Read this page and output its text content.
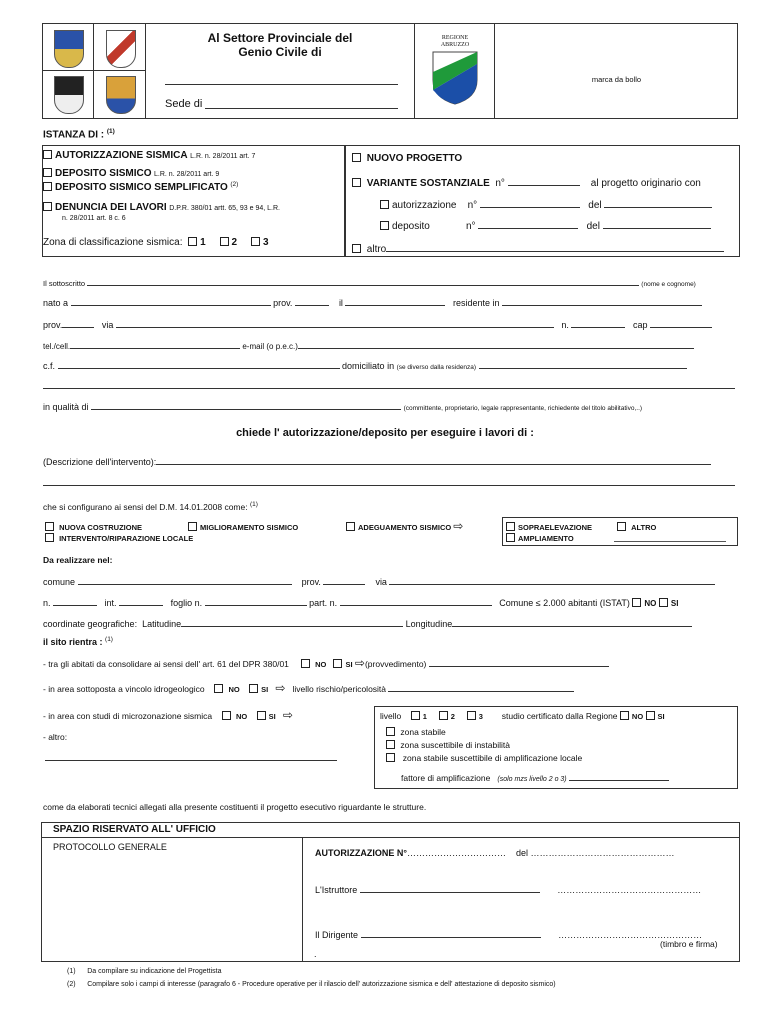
Al Settore Provinciale del
Genio Civile di
Sede di
REGIONE ABRUZZO
marca da bollo
ISTANZA DI : $^{(1)}$
AUTORIZZAZIONE SISMICA L.R. n. 28/2011 art. 7
DEPOSITO SISMICO L.R. n. 28/2011 art. 9
DEPOSITO SISMICO SEMPLIFICATO $^{(2)}$
DENUNCIA DEI LAVORI D.P.R. 380/01 artt. 65, 93 e 94, L.R.
n. 28/2011 art. 8 c. 6
Zona di classificazione sismica: 1	2	3
NUOVO PROGETTO
VARIANTE SOSTANZIALE n°	al progetto originario con
autorizzazione n°	del
deposito	n°	del
altro
Il sottoscritto	(nome e cognome)
nato a	prov.	il	residente in
prov.	via	n.	cap
tel./cell.	e-mail (o p.e.c.)
c.f.	domiciliato in (se diverso dalla residenza)
in qualità di	(committente, proprietario, legale rappresentante, richiedente del titolo abilitativo,..)
chiede l' autorizzazione/deposito per eseguire i lavori di :
(Descrizione dell'intervento):
che si configurano ai sensi del D.M. 14.01.2008 come: $^{(1)}$
NUOVA COSTRUZIONE	MIGLIORAMENTO SISMICO	ADEGUAMENTO SISMICO ⇨	SOPRAELEVAZIONE	ALTRO
INTERVENTO/RIPARAZIONE LOCALE	AMPLIAMENTO
Da realizzare nel:
comune	prov.	via
n.	int.	foglio n.	part. n.	Comune ≤ 2.000 abitanti (ISTAT) NO SI
coordinate geografiche: Latitudine	Longitudine
il sito rientra : $^{(1)}$
- tra gli abitati da consolidare ai sensi dell' art. 61 del DPR 380/01	NO	SI ⇨(provvedimento)
- in area sottoposta a vincolo idrogeologico	NO	SI ⇨ livello rischio/pericolosità
- in area con studi di microzonazione sismica	NO	SI ⇨	livello	1	2	3 studio certificato dalla Regione NO SI
zona stabile
zona suscettibile di instabilità
zona stabile suscettibile di amplificazione locale
fattore di amplificazione (solo mzs livello 2 o 3)
- altro:
come da elaborati tecnici allegati alla presente costituenti il progetto esecutivo riguardante le strutture.
SPAZIO RISERVATO ALL' UFFICIO
PROTOCOLLO GENERALE
AUTORIZZAZIONE N°…………………………… del …………………………………………
L'Istruttore	…………………………………………
Il Dirigente	…………………………………………
(timbro e firma)
.
(1) Da compilare su indicazione del Progettista
(2) Compilare solo i campi di interesse (paragrafo 6 - Procedure operative per il rilascio dell' autorizzazione sismica e dell' attestazione di deposito sismico)
